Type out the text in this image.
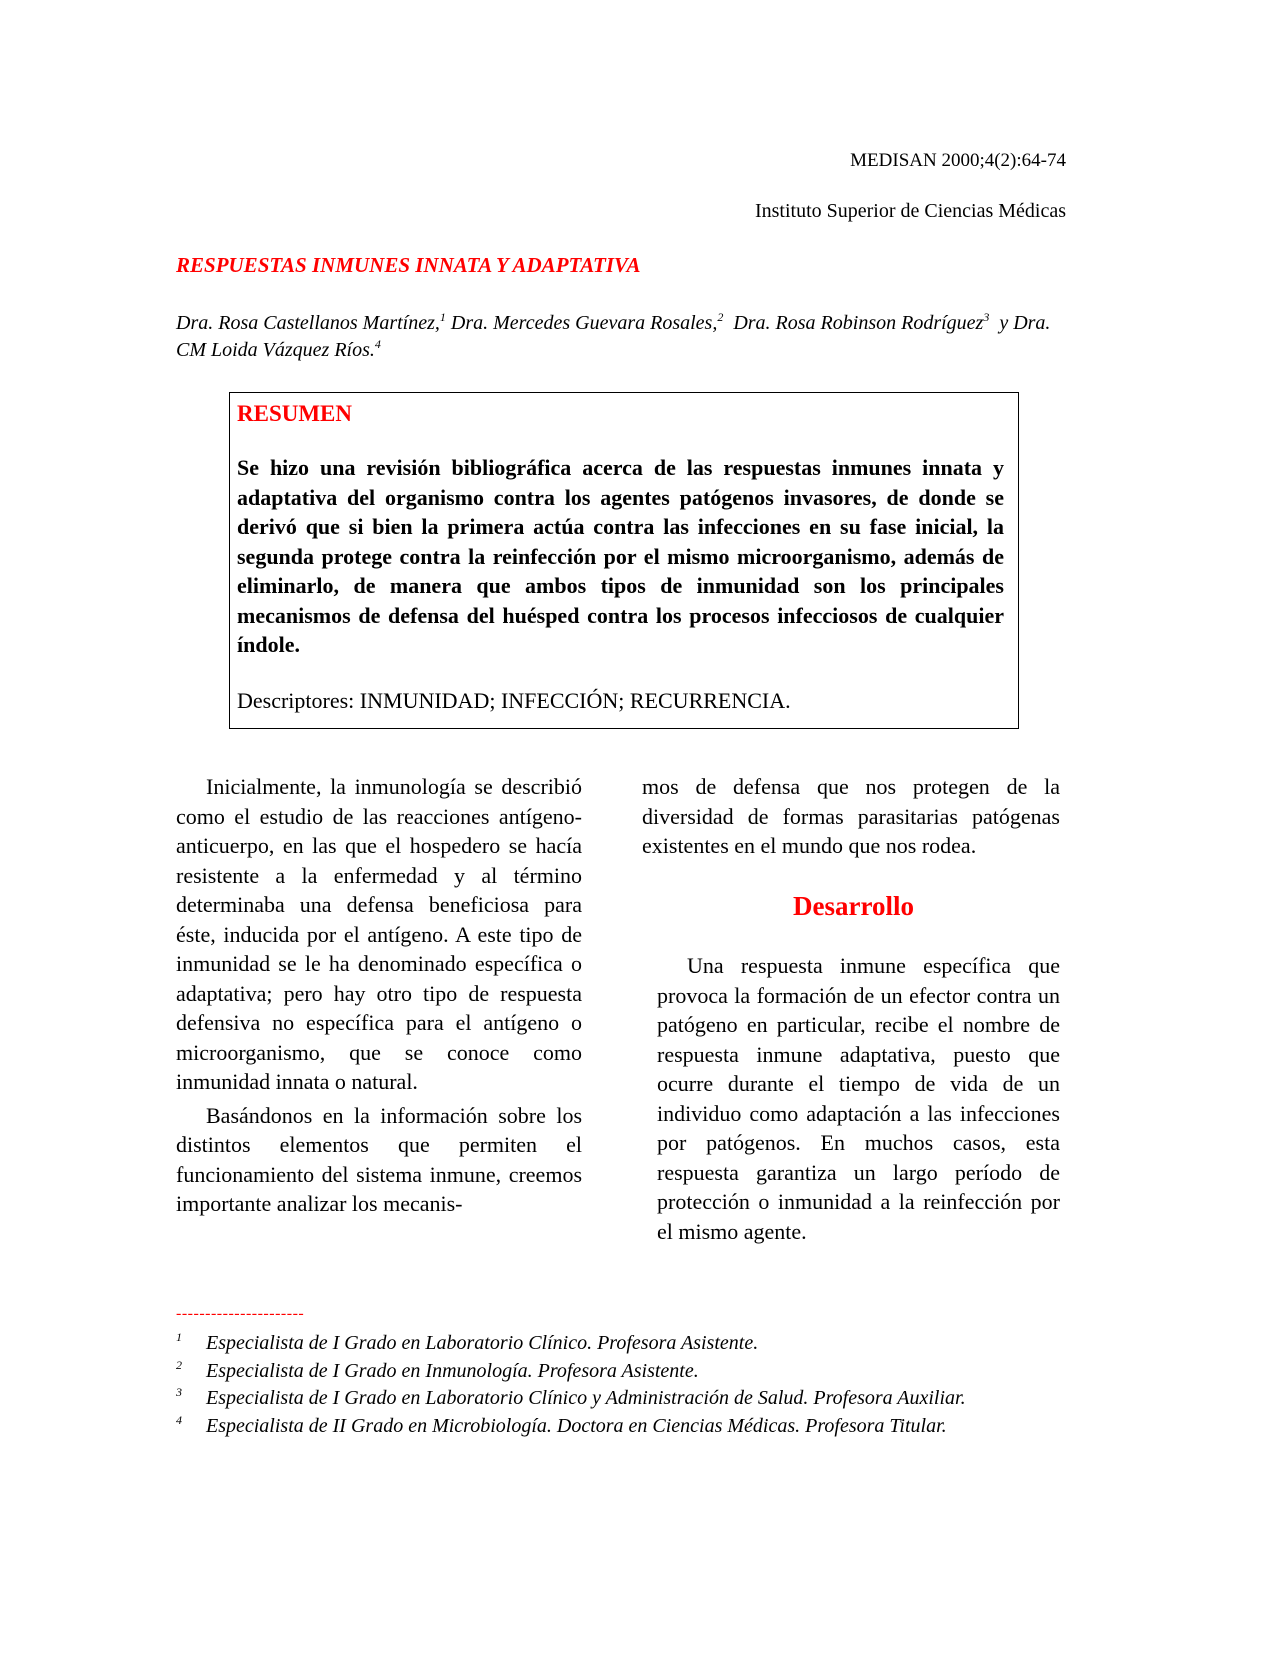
MEDISAN 2000;4(2):64-74
Instituto Superior de Ciencias Médicas
RESPUESTAS INMUNES INNATA Y ADAPTATIVA
Dra. Rosa Castellanos Martínez,$^1$ Dra. Mercedes Guevara Rosales,$^2$ Dra. Rosa Robinson Rodríguez$^3$ y Dra. CM Loida Vázquez Ríos.$^4$
RESUMEN
Se hizo una revisión bibliográfica acerca de las respuestas inmunes innata y adaptativa del organismo contra los agentes patógenos invasores, de donde se derivó que si bien la primera actúa contra las infecciones en su fase inicial, la segunda protege contra la reinfección por el mismo microorganismo, además de eliminarlo, de manera que ambos tipos de inmunidad son los principales mecanismos de defensa del huésped contra los procesos infecciosos de cualquier índole.
Descriptores: INMUNIDAD; INFECCIÓN; RECURRENCIA.

Inicialmente, la inmunología se describió como el estudio de las reacciones antígeno-anticuerpo, en las que el hospedero se hacía resistente a la enfermedad y al término determinaba una defensa beneficiosa para éste, inducida por el antígeno. A este tipo de inmunidad se le ha denominado específica o adaptativa; pero hay otro tipo de respuesta defensiva no específica para el antígeno o microorganismo, que se conoce como inmunidad innata o natural.

Basándonos en la información sobre los distintos elementos que permiten el funcionamiento del sistema inmune, creemos importante analizar los mecanis-

mos de defensa que nos protegen de la diversidad de formas parasitarias patógenas existentes en el mundo que nos rodea.

Desarrollo

Una respuesta inmune específica que provoca la formación de un efector contra un patógeno en particular, recibe el nombre de respuesta inmune adaptativa, puesto que ocurre durante el tiempo de vida de un individuo como adaptación a las infecciones por patógenos. En muchos casos, esta respuesta garantiza un largo período de protección o inmunidad a la reinfección por el mismo agente.

----------------------
1 Especialista de I Grado en Laboratorio Clínico. Profesora Asistente.
2 Especialista de I Grado en Inmunología. Profesora Asistente.
3 Especialista de I Grado en Laboratorio Clínico y Administración de Salud. Profesora Auxiliar.
4 Especialista de II Grado en Microbiología. Doctora en Ciencias Médicas. Profesora Titular.
